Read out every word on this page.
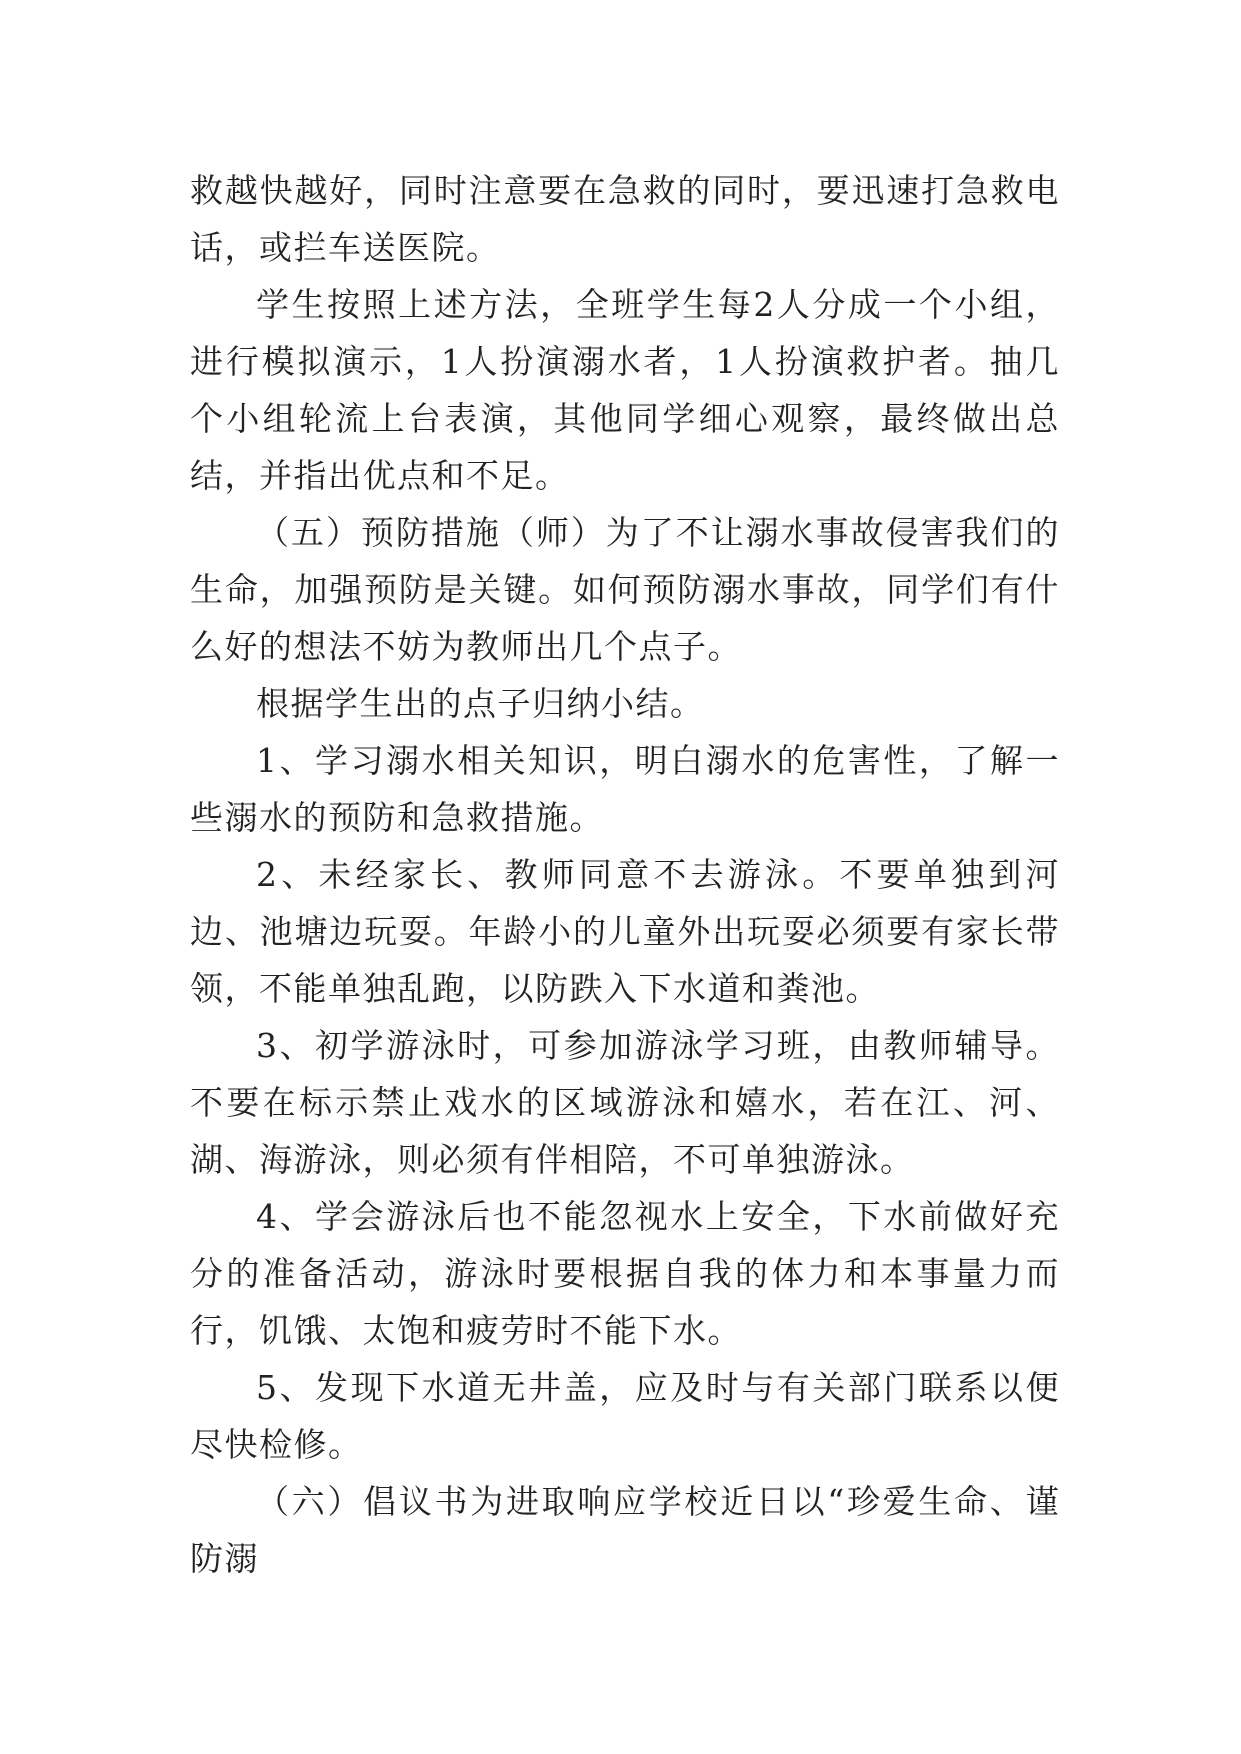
救越快越好，同时注意要在急救的同时，要迅速打急救电话，或拦车送医院。

学生按照上述方法，全班学生每2人分成一个小组，进行模拟演示，1人扮演溺水者，1人扮演救护者。抽几个小组轮流上台表演，其他同学细心观察，最终做出总结，并指出优点和不足。

（五）预防措施（师）为了不让溺水事故侵害我们的生命，加强预防是关键。如何预防溺水事故，同学们有什么好的想法不妨为教师出几个点子。

根据学生出的点子归纳小结。

1、学习溺水相关知识，明白溺水的危害性，了解一些溺水的预防和急救措施。

2、未经家长、教师同意不去游泳。不要单独到河边、池塘边玩耍。年龄小的儿童外出玩耍必须要有家长带领，不能单独乱跑，以防跌入下水道和粪池。

3、初学游泳时，可参加游泳学习班，由教师辅导。不要在标示禁止戏水的区域游泳和嬉水，若在江、河、湖、海游泳，则必须有伴相陪，不可单独游泳。

4、学会游泳后也不能忽视水上安全，下水前做好充分的准备活动，游泳时要根据自我的体力和本事量力而行，饥饿、太饱和疲劳时不能下水。

5、发现下水道无井盖，应及时与有关部门联系以便尽快检修。

（六）倡议书为进取响应学校近日以“珍爱生命、谨防溺
